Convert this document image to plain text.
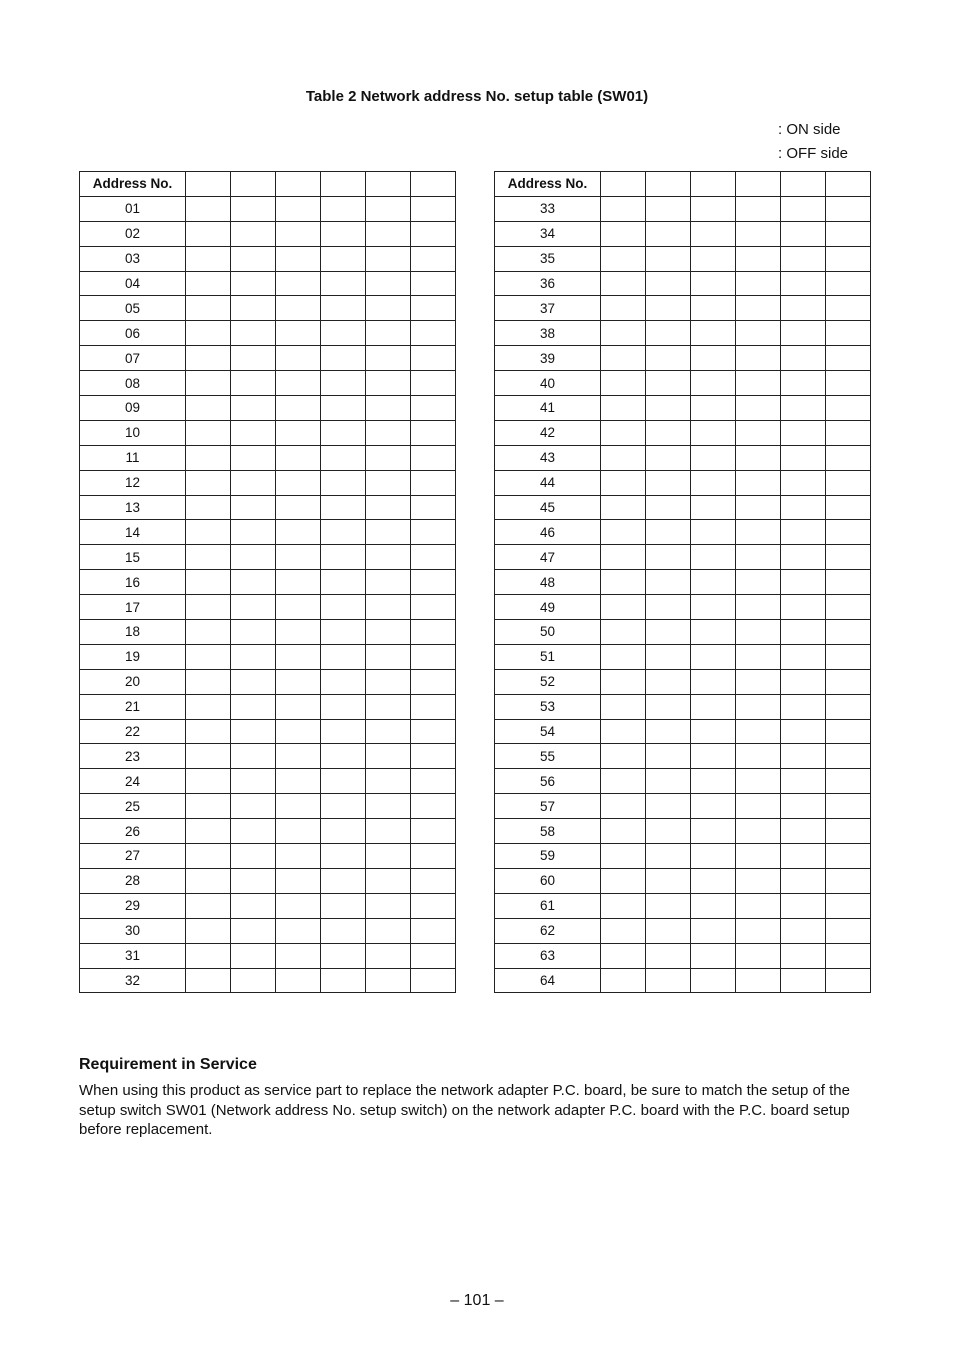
Table 2 Network address No. setup table (SW01)
: ON side
: OFF side
Address No.						
01						
02						
03						
04						
05						
06						
07						
08						
09						
10						
11						
12						
13						
14						
15						
16						
17						
18						
19						
20						
21						
22						
23						
24						
25						
26						
27						
28						
29						
30						
31						
32						
Address No.						
33						
34						
35						
36						
37						
38						
39						
40						
41						
42						
43						
44						
45						
46						
47						
48						
49						
50						
51						
52						
53						
54						
55						
56						
57						
58						
59						
60						
61						
62						
63						
64						
Requirement in Service
When using this product as service part to replace the network adapter P.C. board, be sure to match the setup of the setup switch SW01 (Network address No. setup switch) on the network adapter P.C. board with the P.C. board setup before replacement.
– 101 –
